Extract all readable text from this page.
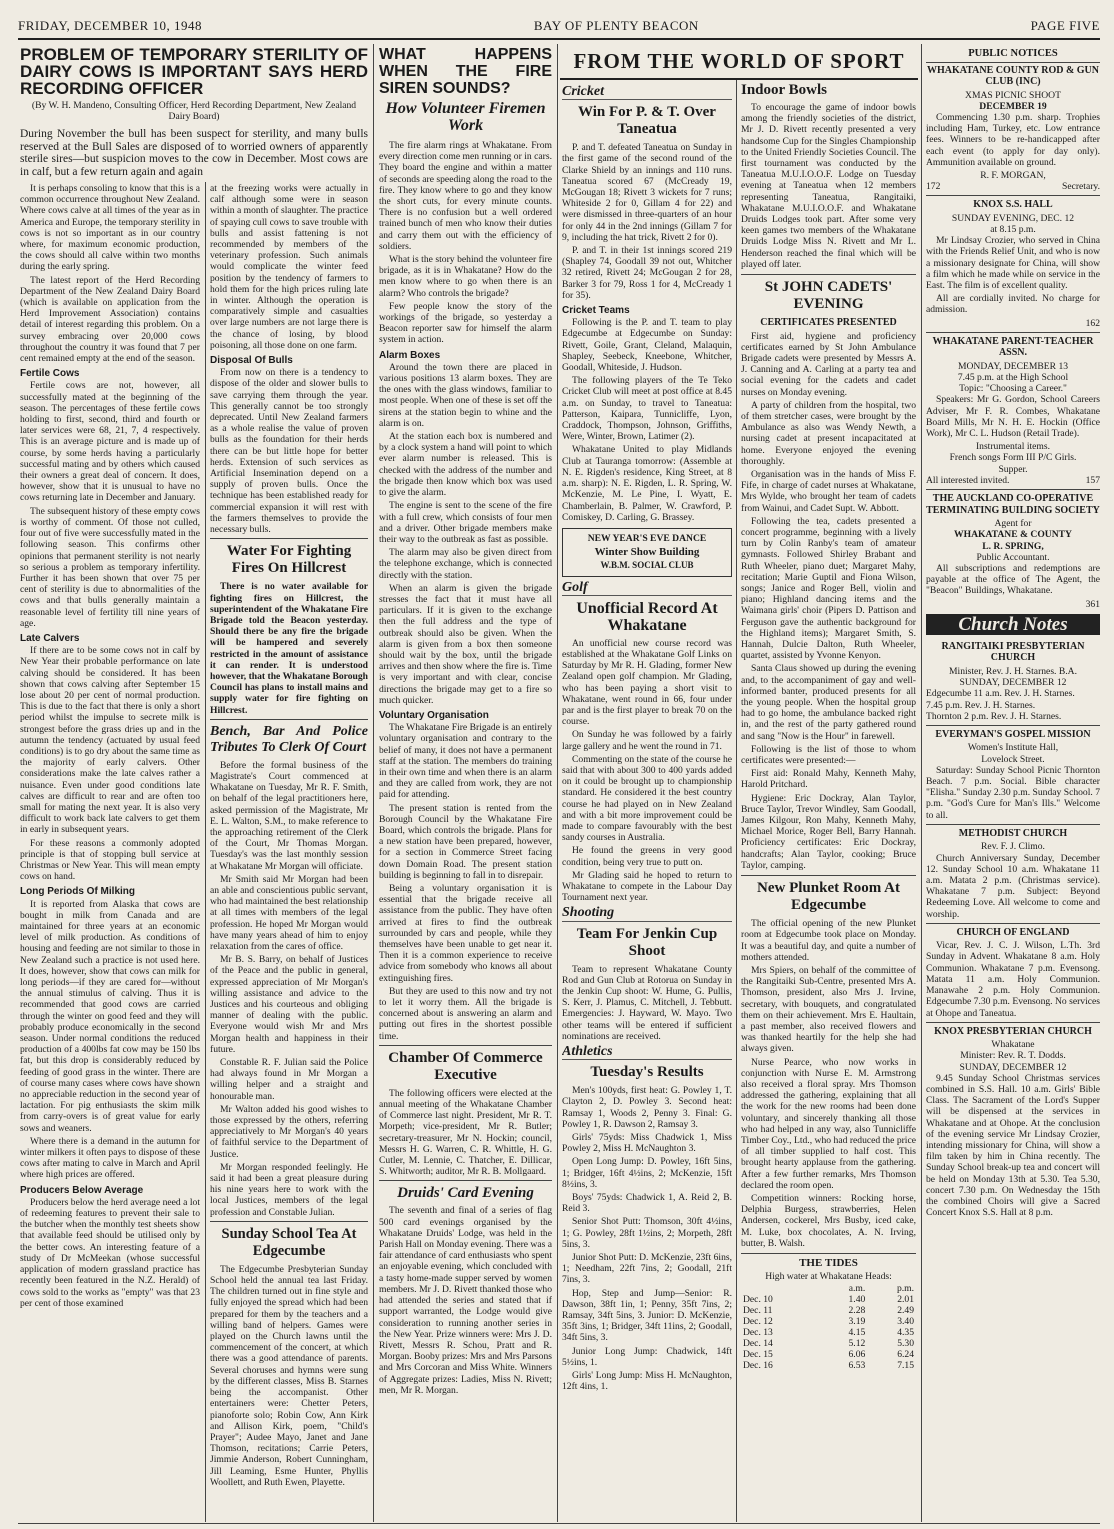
FRIDAY, DECEMBER 10, 1948	BAY OF PLENTY BEACON	PAGE FIVE
PROBLEM OF TEMPORARY STERILITY OF DAIRY COWS IS IMPORTANT SAYS HERD RECORDING OFFICER
(By W. H. Mandeno, Consulting Officer, Herd Recording Department, New Zealand Dairy Board)
During November the bull has been suspect for sterility, and many bulls reserved at the Bull Sales are disposed of to worried owners of apparently sterile sires—but suspicion moves to the cow in December. Most cows are in calf, but a few return again and again

It is perhaps consoling to know that this is a common occurrence throughout New Zealand. Where cows calve at all times of the year as in America and Europe, the temporary sterility in cows is not so important as in our country where, for maximum economic production, the cows should all calve within two months during the early spring.

The latest report of the Herd Recording Department of the New Zealand Dairy Board (which is available on application from the Herd Improvement Association) contains detail of interest regarding this problem. On a survey embracing over 20,000 cows throughout the country it was found that 7 per cent remained empty at the end of the season.

Fertile Cows

Fertile cows are not, however, all successfully mated at the beginning of the season. The percentages of these fertile cows holding to first, second, third and fourth or later services were 68, 21, 7, 4 respectively. This is an average picture and is made up of course, by some herds having a particularly successful mating and by others which caused their owners a great deal of concern. It does, however, show that it is unusual to have no cows returning late in December and January.

The subsequent history of these empty cows is worthy of comment. Of those not culled, four out of five were successfully mated in the following season. This confirms other opinions that permanent sterility is not nearly so serious a problem as temporary infertility. Further it has been shown that over 75 per cent of sterility is due to abnormalities of the cows and that bulls generally maintain a reasonable level of fertility till nine years of age.

Late Calvers

If there are to be some cows not in calf by New Year their probable performance on late calving should be considered. It has been shown that cows calving after September 15 lose about 20 per cent of normal production. This is due to the fact that there is only a short period whilst the impulse to secrete milk is strongest before the grass dries up and in the autumn the tendency (actuated by usual feed conditions) is to go dry about the same time as the majority of early calvers. Other considerations make the late calves rather a nuisance. Even under good conditions late calves are difficult to rear and are often too small for mating the next year. It is also very difficult to work back late calvers to get them in early in subsequent years.

For these reasons a commonly adopted principle is that of stopping bull service at Christmas or New Year. This will mean empty cows on hand.

Long Periods Of Milking

It is reported from Alaska that cows are bought in milk from Canada and are maintained for three years at an economic level of milk production. As conditions of housing and feeding are not similar to those in New Zealand such a practice is not used here. It does, however, show that cows can milk for long periods—if they are cared for—without the annual stimulus of calving. Thus it is recommended that good cows are carried through the winter on good feed and they will probably produce economically in the second season. Under normal conditions the reduced production of a 400lbs fat cow may be 150 lbs fat, but this drop is considerably reduced by feeding of good grass in the winter. There are of course many cases where cows have shown no appreciable reduction in the second year of lactation. For pig enthusiasts the skim milk from carry-overs is of great value for early sows and weaners.

Where there is a demand in the autumn for winter milkers it often pays to dispose of these cows after mating to calve in March and April where high prices are offered.

Producers Below Average

Producers below the herd average need a lot of redeeming features to prevent their sale to the butcher when the monthly test sheets show that available feed should be utilised only by the better cows. An interesting feature of a study of Dr McMeekan (whose successful application of modern grassland practice has recently been featured in the N.Z. Herald) of cows sold to the works as "empty" was that 23 per cent of those examined

at the freezing works were actually in calf although some were in season within a month of slaughter. The practice of spaying cull cows to save trouble with bulls and assist fattening is not recommended by members of the veterinary profession. Such animals would complicate the winter feed position by the tendency of farmers to hold them for the high prices ruling late in winter. Although the operation is comparatively simple and casualties over large numbers are not large there is the chance of losing, by blood poisoning, all those done on one farm.

Disposal Of Bulls

From now on there is a tendency to dispose of the older and slower bulls to save carrying them through the year. This generally cannot be too strongly deprecated. Until New Zealand farmers as a whole realise the value of proven bulls as the foundation for their herds there can be but little hope for better herds. Extension of such services as Artificial Insemination depend on a supply of proven bulls. Once the technique has been established ready for commercial expansion it will rest with the farmers themselves to provide the necessary bulls.

Water For Fighting Fires On Hillcrest

There is no water available for fighting fires on Hillcrest, the superintendent of the Whakatane Fire Brigade told the Beacon yesterday. Should there be any fire the brigade will be hampered and severely restricted in the amount of assistance it can render. It is understood however, that the Whakatane Borough Council has plans to install mains and supply water for fire fighting on Hillcrest.

Bench, Bar And Police Tributes To Clerk Of Court

Before the formal business of the Magistrate's Court commenced at Whakatane on Tuesday, Mr R. F. Smith, on behalf of the legal practitioners here, asked permission of the Magistrate, Mr E. L. Walton, S.M., to make reference to the approaching retirement of the Clerk of the Court, Mr Thomas Morgan. Tuesday's was the last monthly session at Whakatane Mr Morgan will officiate.

Mr Smith said Mr Morgan had been an able and conscientious public servant, who had maintained the best relationship at all times with members of the legal profession. He hoped Mr Morgan would have many years ahead of him to enjoy relaxation from the cares of office.

Mr B. S. Barry, on behalf of Justices of the Peace and the public in general, expressed appreciation of Mr Morgan's willing assistance and advice to the Justices and his courteous and obliging manner of dealing with the public. Everyone would wish Mr and Mrs Morgan health and happiness in their future.

Constable R. F. Julian said the Police had always found in Mr Morgan a willing helper and a straight and honourable man.

Mr Walton added his good wishes to those expressed by the others, referring appreciatively to Mr Morgan's 40 years of faithful service to the Department of Justice.

Mr Morgan responded feelingly. He said it had been a great pleasure during his nine years here to work with the local Justices, members of the legal profession and Constable Julian.

Sunday School Tea At Edgecumbe

The Edgecumbe Presbyterian Sunday School held the annual tea last Friday. The children turned out in fine style and fully enjoyed the spread which had been prepared for them by the teachers and a willing band of helpers. Games were played on the Church lawns until the commencement of the concert, at which there was a good attendance of parents. Several choruses and hymns were sung by the different classes, Miss B. Starnes being the accompanist. Other entertainers were: Chetter Peters, pianoforte solo; Robin Cow, Ann Kirk and Allison Kirk, poem, "Child's Prayer"; Audee Mayo, Janet and Jane Thomson, recitations; Carrie Peters, Jimmie Anderson, Robert Cunningham, Jill Leaming, Esme Hunter, Phyllis Woollett, and Ruth Ewen, Playette.

WHAT HAPPENS WHEN THE FIRE SIREN SOUNDS?
How Volunteer Firemen Work

The fire alarm rings at Whakatane. From every direction come men running or in cars. They board the engine and within a matter of seconds are speeding along the road to the fire. They know where to go and they know the short cuts, for every minute counts. There is no confusion but a well ordered trained bunch of men who know their duties and carry them out with the efficiency of soldiers.

What is the story behind the volunteer fire brigade, as it is in Whakatane? How do the men know where to go when there is an alarm? Who controls the brigade?

Few people know the story of the workings of the brigade, so yesterday a Beacon reporter saw for himself the alarm system in action.

Alarm Boxes

Around the town there are placed in various positions 13 alarm boxes. They are the ones with the glass windows, familiar to most people. When one of these is set off the sirens at the station begin to whine and the alarm is on.

At the station each box is numbered and by a clock system a hand will point to which ever alarm number is released. This is checked with the address of the number and the brigade then know which box was used to give the alarm.

The engine is sent to the scene of the fire with a full crew, which consists of four men and a driver. Other brigade members make their way to the outbreak as fast as possible.

The alarm may also be given direct from the telephone exchange, which is connected directly with the station.

When an alarm is given the brigade stresses the fact that it must have all particulars. If it is given to the exchange then the full address and the type of outbreak should also be given. When the alarm is given from a box then someone should wait by the box, until the brigade arrives and then show where the fire is. Time is very important and with clear, concise directions the brigade may get to a fire so much quicker.

Voluntary Organisation

The Whakatane Fire Brigade is an entirely voluntary organisation and contrary to the belief of many, it does not have a permanent staff at the station. The members do training in their own time and when there is an alarm and they are called from work, they are not paid for attending.

The present station is rented from the Borough Council by the Whakatane Fire Board, which controls the brigade. Plans for a new station have been prepared, however, for a section in Commerce Street facing down Domain Road. The present station building is beginning to fall in to disrepair.

Being a voluntary organisation it is essential that the brigade receive all assistance from the public. They have often arrived at fires to find the outbreak surrounded by cars and people, while they themselves have been unable to get near it. Then it is a common experience to receive advice from somebody who knows all about extinguishing fires.

But they are used to this now and try not to let it worry them. All the brigade is concerned about is answering an alarm and putting out fires in the shortest possible time.

Chamber Of Commerce Executive

The following officers were elected at the annual meeting of the Whakatane Chamber of Commerce last night. President, Mr R. T. Morpeth; vice-president, Mr R. Butler; secretary-treasurer, Mr N. Hockin; council, Messrs H. G. Warren, C. R. Whittle, H. G. Cutler, M. Lennie, C. Thatcher, E. Dillicar, S. Whitworth; auditor, Mr R. B. Mollgaard.

Druids' Card Evening

The seventh and final of a series of flag 500 card evenings organised by the Whakatane Druids' Lodge, was held in the Parish Hall on Monday evening. There was a fair attendance of card enthusiasts who spent an enjoyable evening, which concluded with a tasty home-made supper served by women members. Mr J. D. Rivett thanked those who had attended the series and stated that if support warranted, the Lodge would give consideration to running another series in the New Year. Prize winners were: Mrs J. D. Rivett, Messrs R. Schou, Pratt and R. Morgan. Booby prizes: Mrs and Mrs Parsons and Mrs Corcoran and Miss White. Winners of Aggregate prizes: Ladies, Miss N. Rivett; men, Mr R. Morgan.

FROM THE WORLD OF SPORT
Cricket
Win For P. & T. Over Taneatua

P. and T. defeated Taneatua on Sunday in the first game of the second round of the Clarke Shield by an innings and 110 runs. Taneatua scored 67 (McCready 19, McGougan 18; Rivett 3 wickets for 7 runs; Whiteside 2 for 0, Gillam 4 for 22) and were dismissed in three-quarters of an hour for only 44 in the 2nd innings (Gillam 7 for 9, including the hat trick, Rivett 2 for 0).

P. and T. in their 1st innings scored 219 (Shapley 74, Goodall 39 not out, Whitcher 32 retired, Rivett 24; McGougan 2 for 28, Barker 3 for 79, Ross 1 for 4, McCready 1 for 35).

Cricket Teams

Following is the P. and T. team to play Edgecumbe at Edgecumbe on Sunday: Rivett, Goile, Grant, Cleland, Malaquin, Shapley, Seebeck, Kneebone, Whitcher, Goodall, Whiteside, J. Hudson.

The following players of the Te Teko Cricket Club will meet at post office at 8.45 a.m. on Sunday, to travel to Taneatua: Patterson, Kaipara, Tunnicliffe, Lyon, Craddock, Thompson, Johnson, Griffiths, Were, Winter, Brown, Latimer (2).

Whakatane United to play Midlands Club at Tauranga tomorrow: (Assemble at N. E. Rigden's residence, King Street, at 8 a.m. sharp): N. E. Rigden, L. R. Spring, W. McKenzie, M. Le Pine, I. Wyatt, E. Chamberlain, B. Palmer, W. Crawford, P. Comiskey, D. Carling, G. Brassey.

NEW YEAR'S EVE DANCE
Winter Show Building
W.B.M. SOCIAL CLUB
Golf
Unofficial Record At Whakatane

An unofficial new course record was established at the Whakatane Golf Links on Saturday by Mr R. H. Glading, former New Zealand open golf champion. Mr Glading, who has been paying a short visit to Whakatane, went round in 66, four under par and is the first player to break 70 on the course.

On Sunday he was followed by a fairly large gallery and he went the round in 71.

Commenting on the state of the course he said that with about 300 to 400 yards added on it could be brought up to championship standard. He considered it the best country course he had played on in New Zealand and with a bit more improvement could be made to compare favourably with the best sandy courses in Australia.

He found the greens in very good condition, being very true to putt on.

Mr Glading said he hoped to return to Whakatane to compete in the Labour Day Tournament next year.

Shooting
Team For Jenkin Cup Shoot

Team to represent Whakatane County Rod and Gun Club at Rotorua on Sunday in the Jenkin Cup shoot: W. Hume, G. Pullis, S. Kerr, J. Plamus, C. Mitchell, J. Tebbutt. Emergencies: J. Hayward, W. Mayo. Two other teams will be entered if sufficient nominations are received.

Athletics
Tuesday's Results

Men's 100yds, first heat: G. Powley 1, T. Clayton 2, D. Powley 3. Second heat: Ramsay 1, Woods 2, Penny 3. Final: G. Powley 1, R. Dawson 2, Ramsay 3.

Girls' 75yds: Miss Chadwick 1, Miss Powley 2, Miss H. McNaughton 3.

Open Long Jump: D. Powley, 16ft 5ins, 1; Bridger, 16ft 4½ins, 2; McKenzie, 15ft 8½ins, 3.

Boys' 75yds: Chadwick 1, A. Reid 2, B. Reid 3.

Senior Shot Putt: Thomson, 30ft 4½ins, 1; G. Powley, 28ft 1½ins, 2; Morpeth, 28ft 5ins, 3.

Junior Shot Putt: D. McKenzie, 23ft 6ins, 1; Needham, 22ft 7ins, 2; Goodall, 21ft 7ins, 3.

Hop, Step and Jump—Senior: R. Dawson, 38ft 1in, 1; Penny, 35ft 7ins, 2; Ramsay, 34ft 5ins, 3. Junior: D. McKenzie, 35ft 3ins, 1; Bridger, 34ft 11ins, 2; Goodall, 34ft 5ins, 3.

Junior Long Jump: Chadwick, 14ft 5½ins, 1.

Girls' Long Jump: Miss H. McNaughton, 12ft 4ins, 1.

Indoor Bowls

To encourage the game of indoor bowls among the friendly societies of the district, Mr J. D. Rivett recently presented a very handsome Cup for the Singles Championship to the United Friendly Societies Council. The first tournament was conducted by the Taneatua M.U.I.O.O.F. Lodge on Tuesday evening at Taneatua when 12 members representing Taneatua, Rangitaiki, Whakatane M.U.I.O.O.F. and Whakatane Druids Lodges took part. After some very keen games two members of the Whakatane Druids Lodge Miss N. Rivett and Mr L. Henderson reached the final which will be played off later.

St JOHN CADETS' EVENING
CERTIFICATES PRESENTED

First aid, hygiene and proficiency certificates earned by St John Ambulance Brigade cadets were presented by Messrs A. J. Canning and A. Carling at a party tea and social evening for the cadets and cadet nurses on Monday evening.

A party of children from the hospital, two of them stretcher cases, were brought by the Ambulance as also was Wendy Newth, a nursing cadet at present incapacitated at home. Everyone enjoyed the evening thoroughly.

Organisation was in the hands of Miss F. Fife, in charge of cadet nurses at Whakatane, Mrs Wylde, who brought her team of cadets from Wainui, and Cadet Supt. W. Abbott.

Following the tea, cadets presented a concert programme, beginning with a lively turn by Colin Ranby's team of amateur gymnasts. Followed Shirley Brabant and Ruth Wheeler, piano duet; Margaret Mahy, recitation; Marie Guptil and Fiona Wilson, songs; Janice and Roger Bell, violin and piano; Highland dancing items and the Waimana girls' choir (Pipers D. Pattison and Ferguson gave the authentic background for the Highland items); Margaret Smith, S. Hannah, Dulcie Dalton, Ruth Wheeler, quartet, assisted by Yvonne Kenyon.

Santa Claus showed up during the evening and, to the accompaniment of gay and well-informed banter, produced presents for all the young people. When the hospital group had to go home, the ambulance backed right in, and the rest of the party gathered round and sang "Now is the Hour" in farewell.

Following is the list of those to whom certificates were presented:—

First aid: Ronald Mahy, Kenneth Mahy, Harold Pritchard.

Hygiene: Eric Dockray, Alan Taylor, Bruce Taylor, Trevor Windley, Sam Goodall, James Kilgour, Ron Mahy, Kenneth Mahy, Michael Morice, Roger Bell, Barry Hannah. Proficiency certificates: Eric Dockray, handcrafts; Alan Taylor, cooking; Bruce Taylor, camping.

New Plunket Room At Edgecumbe

The official opening of the new Plunket room at Edgecumbe took place on Monday. It was a beautiful day, and quite a number of mothers attended.

Mrs Spiers, on behalf of the committee of the Rangitaiki Sub-Centre, presented Mrs A. Thomson, president, also Mrs J. Irvine, secretary, with bouquets, and congratulated them on their achievement. Mrs E. Haultain, a past member, also received flowers and was thanked heartily for the help she had always given.

Nurse Pearce, who now works in conjunction with Nurse E. M. Armstrong also received a floral spray. Mrs Thomson addressed the gathering, explaining that all the work for the new rooms had been done voluntary, and sincerely thanking all those who had helped in any way, also Tunnicliffe Timber Coy., Ltd., who had reduced the price of all timber supplied to half cost. This brought hearty applause from the gathering. After a few further remarks, Mrs Thomson declared the room open.

Competition winners: Rocking horse, Delphia Burgess, strawberries, Helen Andersen, cockerel, Mrs Busby, iced cake, M. Luke, box chocolates, A. N. Irving, butter, B. Walsh.

THE TIDES
High water at Whakatane Heads:
	a.m.	p.m.
Dec. 10	1.40	2.01
Dec. 11	2.28	2.49
Dec. 12	3.19	3.40
Dec. 13	4.15	4.35
Dec. 14	5.12	5.30
Dec. 15	6.06	6.24
Dec. 16	6.53	7.15
PUBLIC NOTICES
WHAKATANE COUNTY ROD & GUN CLUB (INC)
XMAS PICNIC SHOOT
DECEMBER 19

Commencing 1.30 p.m. sharp. Trophies including Ham, Turkey, etc. Low entrance fees. Winners to be re-handicapped after each event (to apply for day only). Ammunition available on ground.

R. F. MORGAN,
172	Secretary.
KNOX S.S. HALL
SUNDAY EVENING, DEC. 12
at 8.15 p.m.

Mr Lindsay Crozier, who served in China with the Friends Relief Unit, and who is now a missionary designate for China, will show a film which he made while on service in the East. The film is of excellent quality.

All are cordially invited. No charge for admission.

162
WHAKATANE PARENT-TEACHER ASSN.
MONDAY, DECEMBER 13
7.45 p.m. at the High School
Topic: "Choosing a Career."

Speakers: Mr G. Gordon, School Careers Adviser, Mr F. R. Combes, Whakatane Board Mills, Mr N. H. E. Hockin (Office Work), Mr C. L. Hudson (Retail Trade).

Instrumental items.
French songs Form III P/C Girls.
Supper.
All interested invited.	157
THE AUCKLAND CO-OPERATIVE TERMINATING BUILDING SOCIETY
Agent for
WHAKATANE & COUNTY
L. R. SPRING,
Public Accountant.

All subscriptions and redemptions are payable at the office of The Agent, the "Beacon" Buildings, Whakatane.

361
Church Notes
RANGITAIKI PRESBYTERIAN CHURCH
Minister, Rev. J. H. Starnes. B.A.
SUNDAY, DECEMBER 12
Edgecumbe 11 a.m. Rev. J. H. Starnes.
7.45 p.m. Rev. J. H. Starnes.
Thornton 2 p.m. Rev. J. H. Starnes.
EVERYMAN'S GOSPEL MISSION
Women's Institute Hall,
Lovelock Street.

Saturday: Sunday School Picnic Thornton Beach. 7 p.m. Social. Bible character "Elisha." Sunday 2.30 p.m. Sunday School. 7 p.m. "God's Cure for Man's Ills." Welcome to all.

METHODIST CHURCH
Rev. F. J. Climo.

Church Anniversary Sunday, December 12. Sunday School 10 a.m. Whakatane 11 a.m. Matata 2 p.m. (Christmas service). Whakatane 7 p.m. Subject: Beyond Redeeming Love. All welcome to come and worship.

CHURCH OF ENGLAND

Vicar, Rev. J. C. J. Wilson, L.Th. 3rd Sunday in Advent. Whakatane 8 a.m. Holy Communion. Whakatane 7 p.m. Evensong. Matata 11 a.m. Holy Communion. Manawahe 2 p.m. Holy Communion. Edgecumbe 7.30 p.m. Evensong. No services at Ohope and Taneatua.

KNOX PRESBYTERIAN CHURCH
Whakatane
Minister: Rev. R. T. Dodds.
SUNDAY, DECEMBER 12

9.45 Sunday School Christmas services combined in S.S. Hall. 10 a.m. Girls' Bible Class. The Sacrament of the Lord's Supper will be dispensed at the services in Whakatane and at Ohope. At the conclusion of the evening service Mr Lindsay Crozier, intending missionary for China, will show a film taken by him in China recently. The Sunday School break-up tea and concert will be held on Monday 13th at 5.30. Tea 5.30, concert 7.30 p.m. On Wednesday the 15th the combined Choirs will give a Sacred Concert Knox S.S. Hall at 8 p.m.
